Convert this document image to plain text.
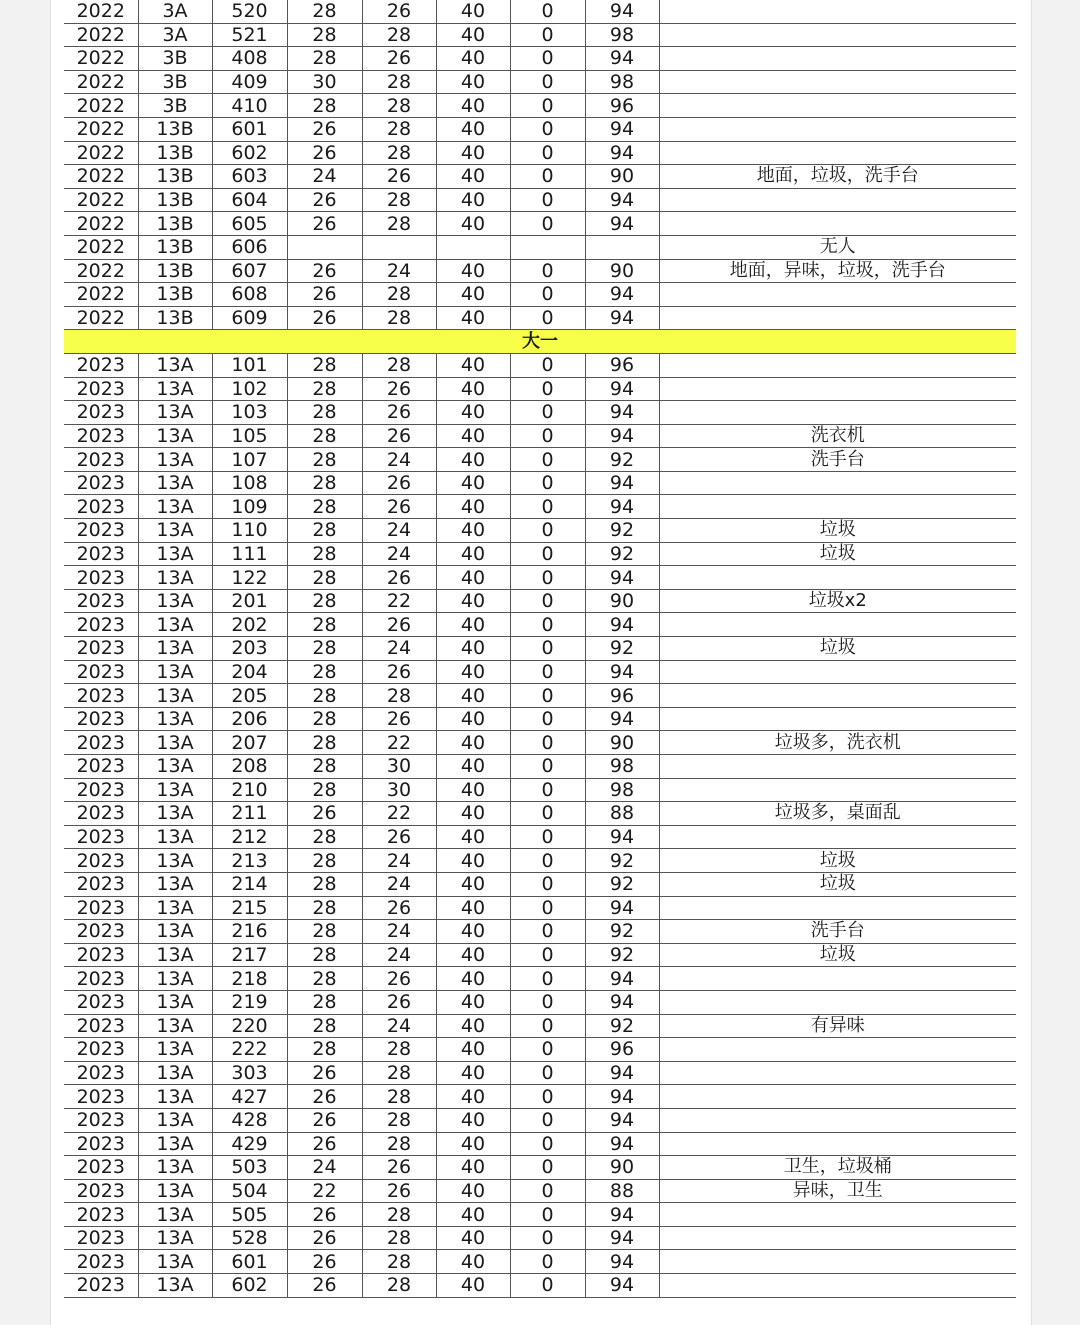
2022	3A	520	28	26	40	0	94	
2022	3A	521	28	28	40	0	98	
2022	3B	408	28	26	40	0	94	
2022	3B	409	30	28	40	0	98	
2022	3B	410	28	28	40	0	96	
2022	13B	601	26	28	40	0	94	
2022	13B	602	26	28	40	0	94	
2022	13B	603	24	26	40	0	90	地面，垃圾，洗手台
2022	13B	604	26	28	40	0	94	
2022	13B	605	26	28	40	0	94	
2022	13B	606						无人
2022	13B	607	26	24	40	0	90	地面，异味，垃圾，洗手台
2022	13B	608	26	28	40	0	94	
2022	13B	609	26	28	40	0	94	
大一								
2023	13A	101	28	28	40	0	96	
2023	13A	102	28	26	40	0	94	
2023	13A	103	28	26	40	0	94	
2023	13A	105	28	26	40	0	94	洗衣机
2023	13A	107	28	24	40	0	92	洗手台
2023	13A	108	28	26	40	0	94	
2023	13A	109	28	26	40	0	94	
2023	13A	110	28	24	40	0	92	垃圾
2023	13A	111	28	24	40	0	92	垃圾
2023	13A	122	28	26	40	0	94	
2023	13A	201	28	22	40	0	90	垃圾x2
2023	13A	202	28	26	40	0	94	
2023	13A	203	28	24	40	0	92	垃圾
2023	13A	204	28	26	40	0	94	
2023	13A	205	28	28	40	0	96	
2023	13A	206	28	26	40	0	94	
2023	13A	207	28	22	40	0	90	垃圾多，洗衣机
2023	13A	208	28	30	40	0	98	
2023	13A	210	28	30	40	0	98	
2023	13A	211	26	22	40	0	88	垃圾多，桌面乱
2023	13A	212	28	26	40	0	94	
2023	13A	213	28	24	40	0	92	垃圾
2023	13A	214	28	24	40	0	92	垃圾
2023	13A	215	28	26	40	0	94	
2023	13A	216	28	24	40	0	92	洗手台
2023	13A	217	28	24	40	0	92	垃圾
2023	13A	218	28	26	40	0	94	
2023	13A	219	28	26	40	0	94	
2023	13A	220	28	24	40	0	92	有异味
2023	13A	222	28	28	40	0	96	
2023	13A	303	26	28	40	0	94	
2023	13A	427	26	28	40	0	94	
2023	13A	428	26	28	40	0	94	
2023	13A	429	26	28	40	0	94	
2023	13A	503	24	26	40	0	90	卫生，垃圾桶
2023	13A	504	22	26	40	0	88	异味，卫生
2023	13A	505	26	28	40	0	94	
2023	13A	528	26	28	40	0	94	
2023	13A	601	26	28	40	0	94	
2023	13A	602	26	28	40	0	94	
